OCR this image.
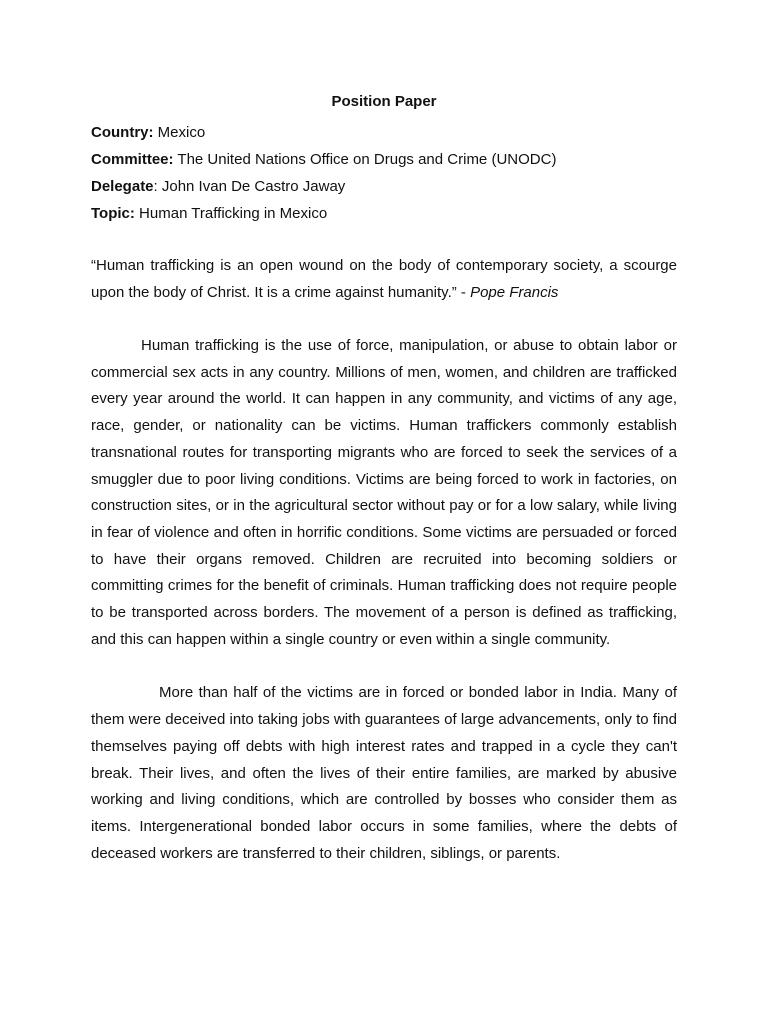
Position Paper

Country: Mexico

Committee: The United Nations Office on Drugs and Crime (UNODC)

Delegate: John Ivan De Castro Jaway

Topic: Human Trafficking in Mexico

“Human trafficking is an open wound on the body of contemporary society, a scourge upon the body of Christ. It is a crime against humanity.” - Pope Francis

Human trafficking is the use of force, manipulation, or abuse to obtain labor or commercial sex acts in any country. Millions of men, women, and children are trafficked every year around the world. It can happen in any community, and victims of any age, race, gender, or nationality can be victims. Human traffickers commonly establish transnational routes for transporting migrants who are forced to seek the services of a smuggler due to poor living conditions. Victims are being forced to work in factories, on construction sites, or in the agricultural sector without pay or for a low salary, while living in fear of violence and often in horrific conditions. Some victims are persuaded or forced to have their organs removed. Children are recruited into becoming soldiers or committing crimes for the benefit of criminals. Human trafficking does not require people to be transported across borders. The movement of a person is defined as trafficking, and this can happen within a single country or even within a single community.

More than half of the victims are in forced or bonded labor in India. Many of them were deceived into taking jobs with guarantees of large advancements, only to find themselves paying off debts with high interest rates and trapped in a cycle they can't break. Their lives, and often the lives of their entire families, are marked by abusive working and living conditions, which are controlled by bosses who consider them as items. Intergenerational bonded labor occurs in some families, where the debts of deceased workers are transferred to their children, siblings, or parents.
